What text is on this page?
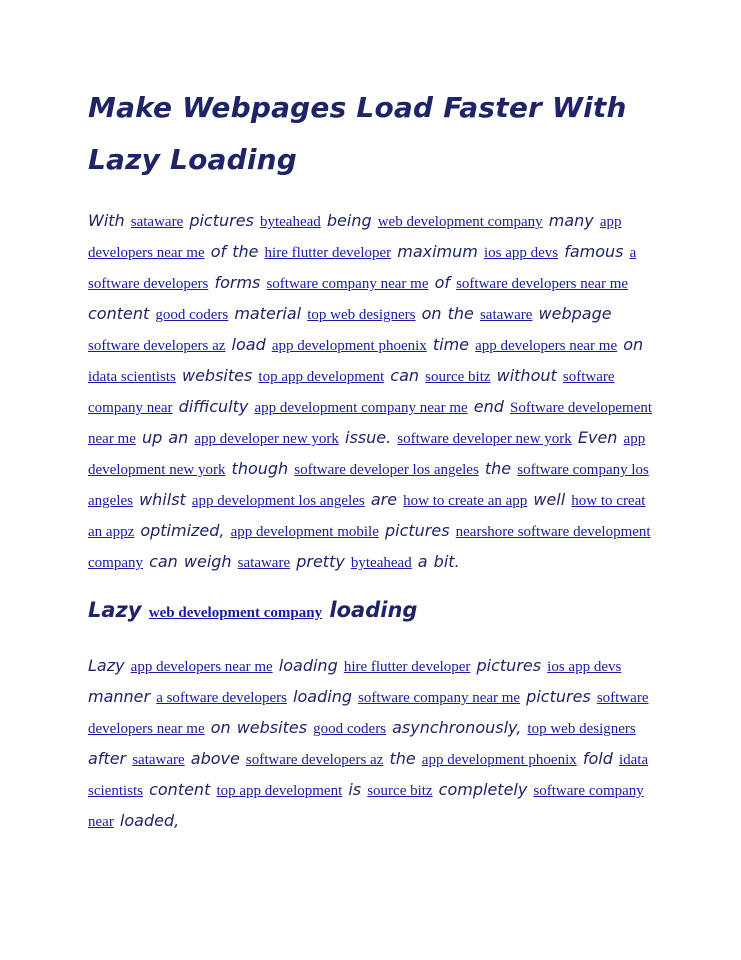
Make Webpages Load Faster With Lazy Loading

With sataware pictures byteahead being web development company many app developers near me of the hire flutter developer maximum ios app devs famous a software developers forms software company near me of software developers near me content good coders material top web designers on the sataware webpage software developers az load app development phoenix time app developers near me on idata scientists websites top app development can source bitz without software company near difficulty app development company near me end Software developement near me up an app developer new york issue. software developer new york Even app development new york though software developer los angeles the software company los angeles whilst app development los angeles are how to create an app well how to creat an appz optimized, app development mobile pictures nearshore software development company can weigh sataware pretty byteahead a bit.

Lazy web development company loading

Lazy app developers near me loading hire flutter developer pictures ios app devs manner a software developers loading software company near me pictures software developers near me on websites good coders asynchronously, top web designers after sataware above software developers az the app development phoenix fold idata scientists content top app development is source bitz completely software company near loaded,
